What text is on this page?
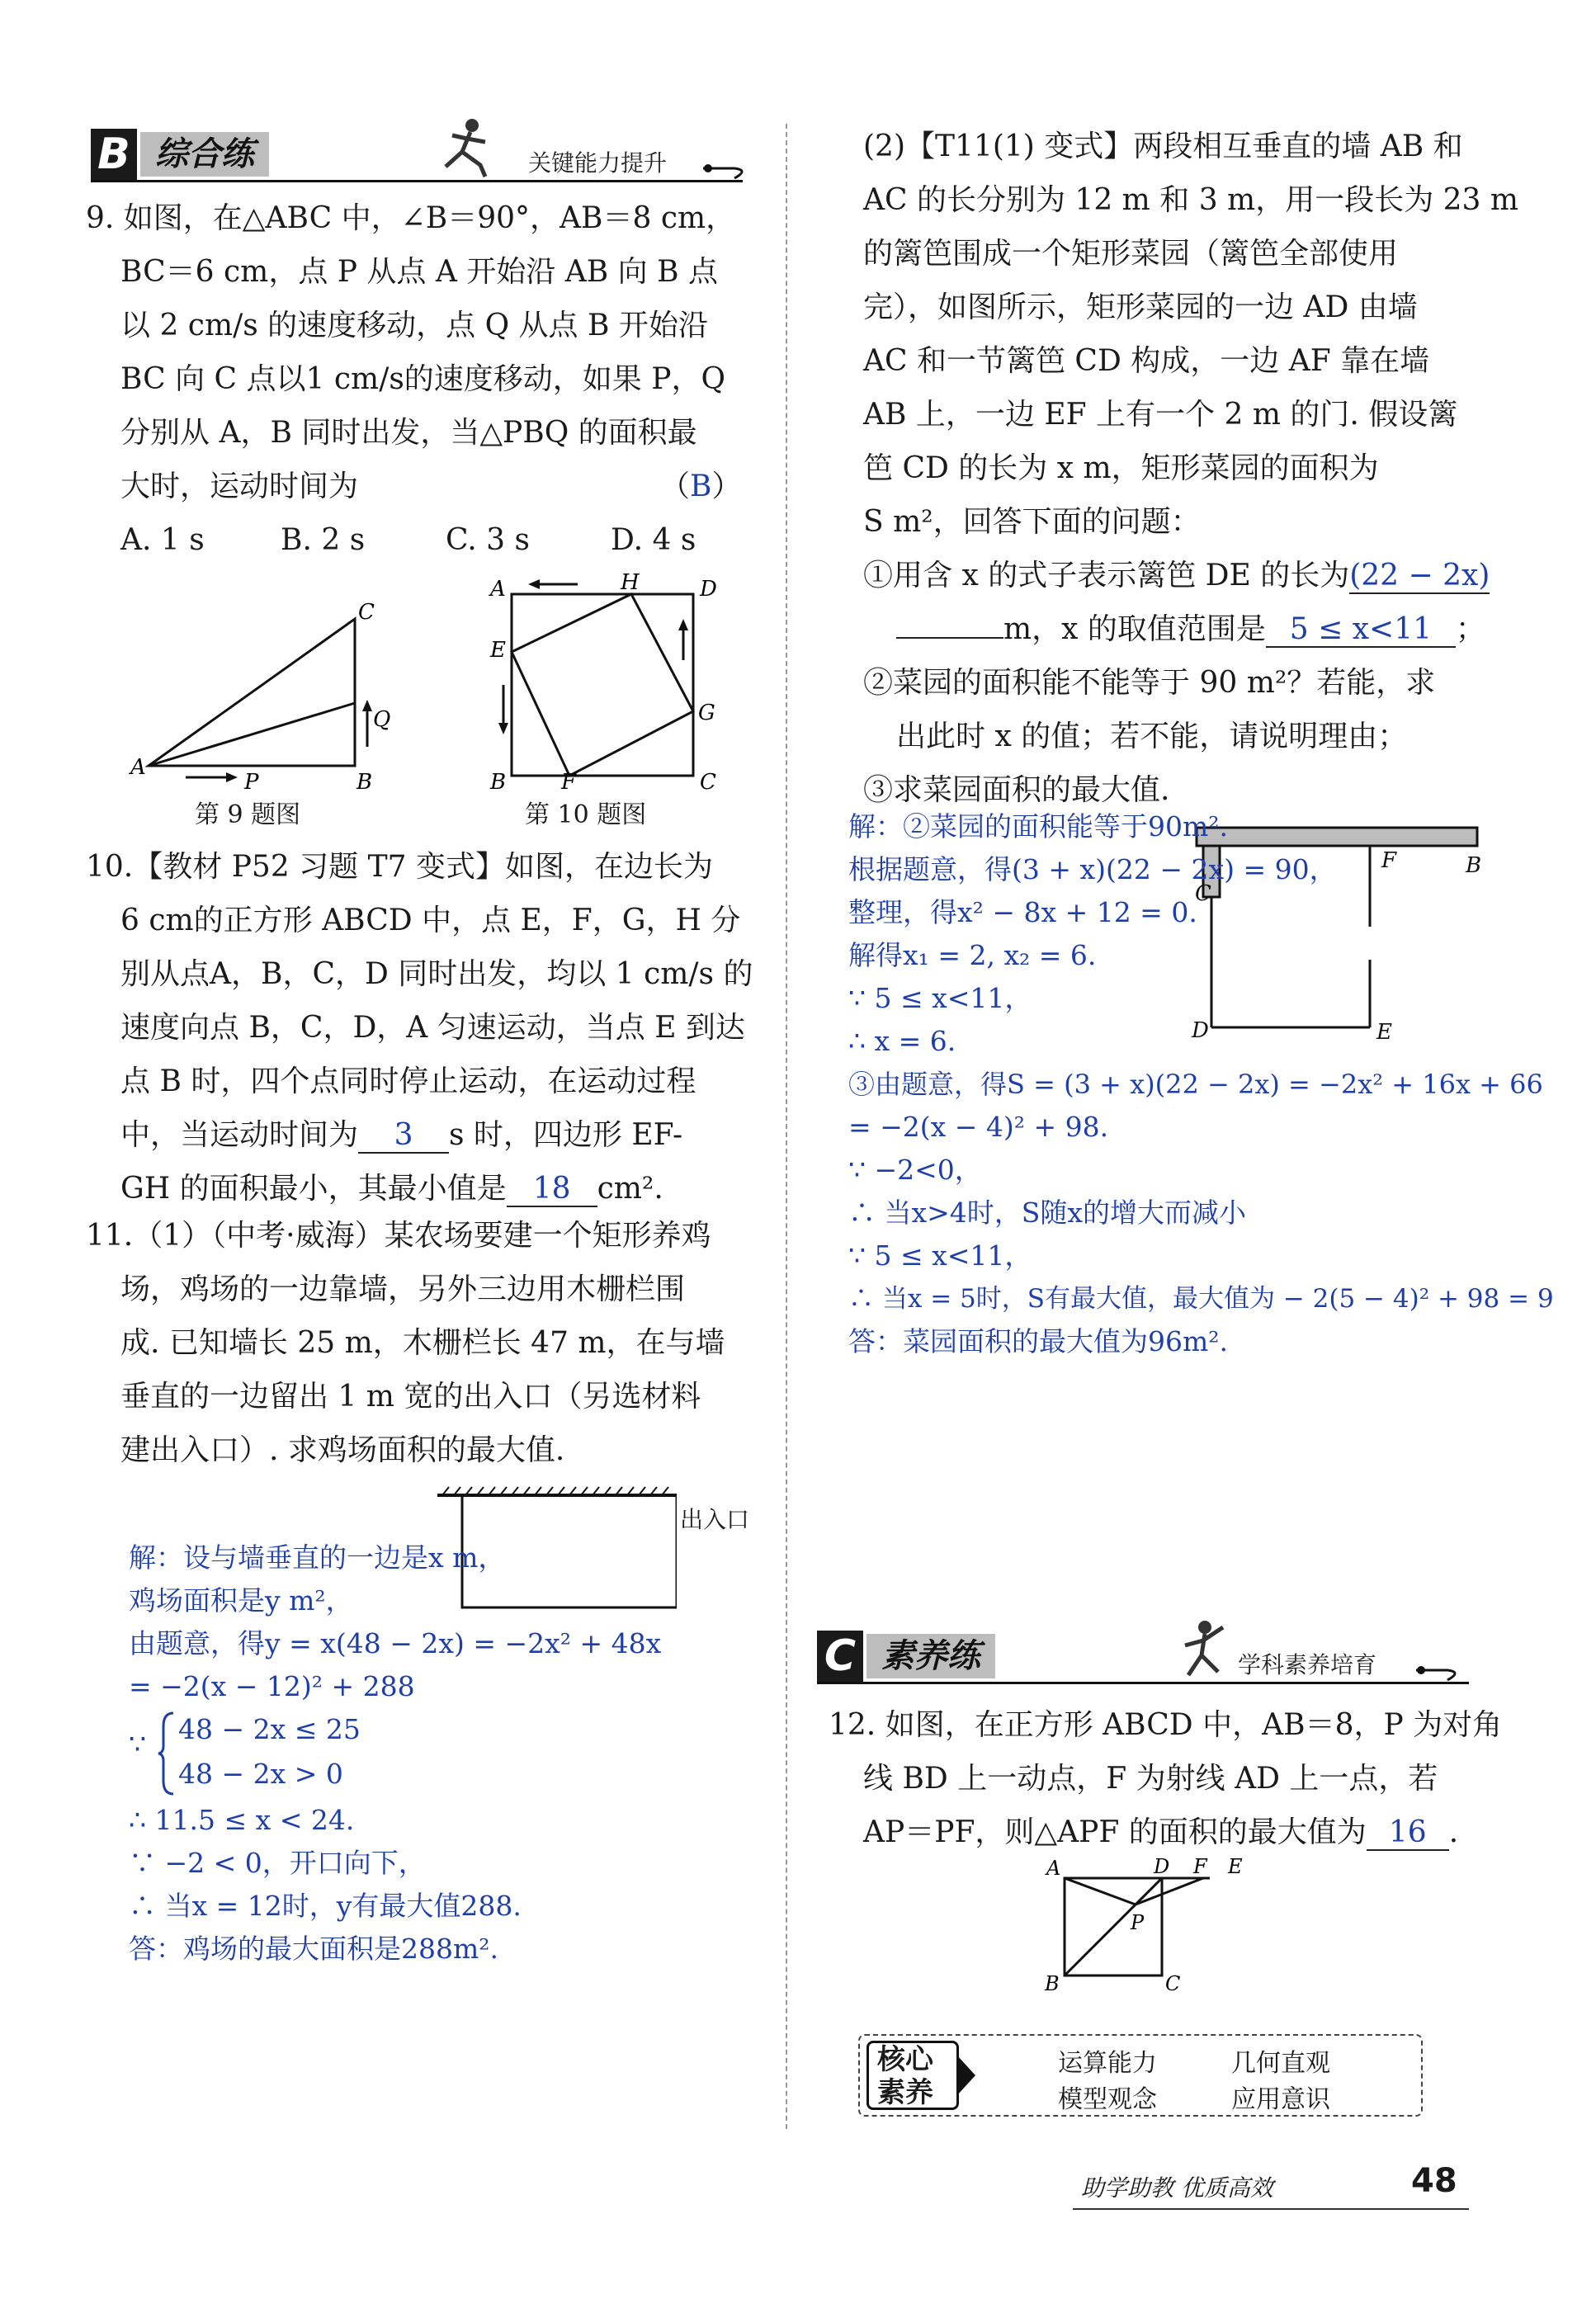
B 综合练	关键能力提升
9. 如图，在△ABC 中，∠B＝90°，AB＝8 cm，
BC＝6 cm，点 P 从点 A 开始沿 AB 向 B 点
以 2 cm/s 的速度移动，点 Q 从点 B 开始沿
BC 向 C 点以1 cm/s的速度移动，如果 P，Q
分别从 A，B 同时出发，当△PBQ 的面积最
大时，运动时间为	（B）
A. 1 s	B. 2 s	C. 3 s	D. 4 s
A
B
C
P
Q
第 9 题图
A	H	D
E
G
B	F	C
第 10 题图
10.【教材 P52 习题 T7 变式】如图，在边长为
6 cm的正方形 ABCD 中，点 E，F，G，H 分
别从点A，B，C，D 同时出发，均以 1 cm/s 的
速度向点 B，C，D，A 匀速运动，当点 E 到达
点 B 时，四个点同时停止运动，在运动过程
中，当运动时间为 3 s 时，四边形 EF-
GH 的面积最小，其最小值是 18 cm².
11.（1）（中考·威海）某农场要建一个矩形养鸡
场，鸡场的一边靠墙，另外三边用木栅栏围
成. 已知墙长 25 m，木栅栏长 47 m，在与墙
垂直的一边留出 1 m 宽的出入口（另选材料
建出入口）. 求鸡场面积的最大值.
出入口
解：设与墙垂直的一边是x m，
鸡场面积是y m²，
由题意，得y = x(48 − 2x) = −2x² + 48x
= −2(x − 12)² + 288
∵ 48 − 2x ≤ 25
48 − 2x > 0
∴ 11.5 ≤ x < 24.
∵ −2 < 0，开口向下，
∴ 当x = 12时，y有最大值288.
答：鸡场的最大面积是288m².
(2)【T11(1) 变式】两段相互垂直的墙 AB 和
AC 的长分别为 12 m 和 3 m，用一段长为 23 m
的篱笆围成一个矩形菜园（篱笆全部使用
完），如图所示，矩形菜园的一边 AD 由墙
AC 和一节篱笆 CD 构成，一边 AF 靠在墙
AB 上，一边 EF 上有一个 2 m 的门. 假设篱
笆 CD 的长为 x m，矩形菜园的面积为
S m²，回答下面的问题：
①用含 x 的式子表示篱笆 DE 的长为(22 − 2x)
m，x 的取值范围是 5 ≤ x<11 ；
②菜园的面积能不能等于 90 m²？若能，求
出此时 x 的值；若不能，请说明理由；
③求菜园面积的最大值.
F	B
C
D	E
解：②菜园的面积能等于90m².
根据题意，得(3 + x)(22 − 2x) = 90，
整理，得x² − 8x + 12 = 0.
解得x₁ = 2, x₂ = 6.
∵ 5 ≤ x<11，
∴ x = 6.
③由题意，得S = (3 + x)(22 − 2x) = −2x² + 16x + 66
= −2(x − 4)² + 98.
∵ −2<0，
∴ 当x>4时，S随x的增大而减小
∵ 5 ≤ x<11，
∴ 当x = 5时，S有最大值，最大值为 − 2(5 − 4)² + 98 = 9
答：菜园面积的最大值为96m².
C 素养练	学科素养培育
12. 如图，在正方形 ABCD 中，AB＝8，P 为对角
线 BD 上一动点，F 为射线 AD 上一点，若
AP＝PF，则△APF 的面积的最大值为 16 .
A	D F E
P
B	C
核心
素养
运算能力	几何直观
模型观念	应用意识
助学助教 优质高效	48
